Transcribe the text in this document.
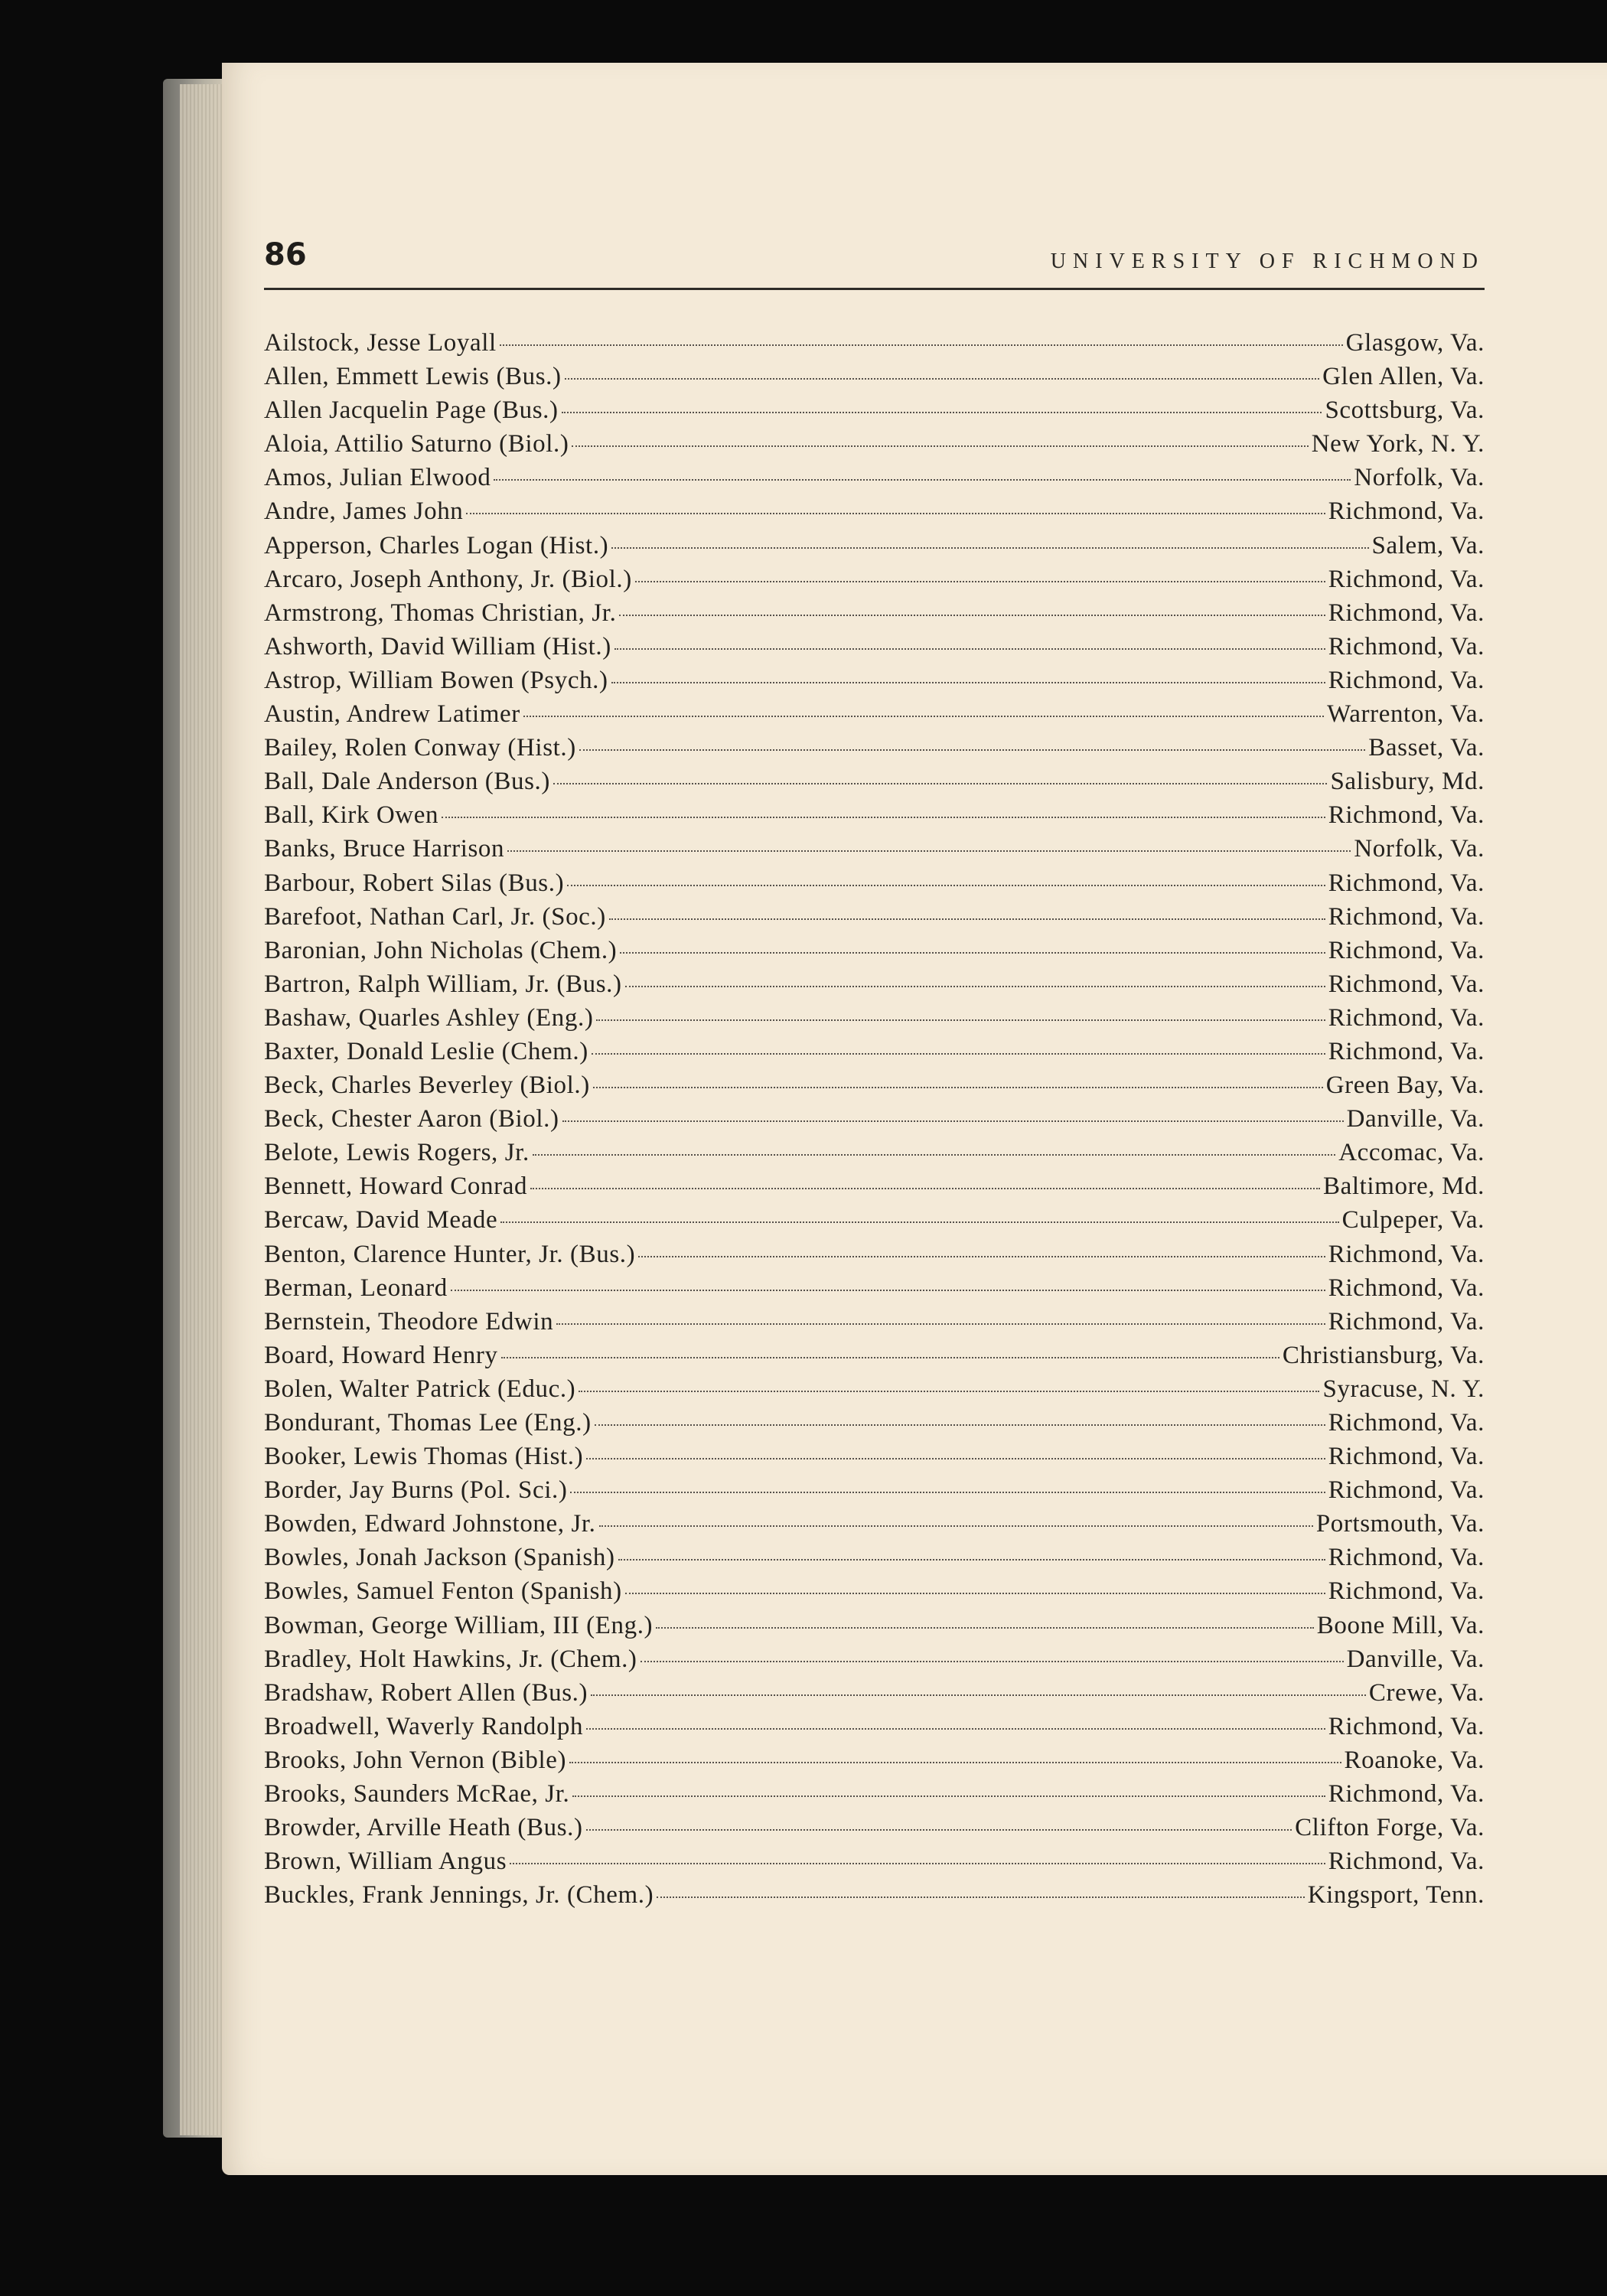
86	UNIVERSITY OF RICHMOND
Ailstock, Jesse Loyall	Glasgow, Va.
Allen, Emmett Lewis (Bus.)	Glen Allen, Va.
Allen Jacquelin Page (Bus.)	Scottsburg, Va.
Aloia, Attilio Saturno (Biol.)	New York, N. Y.
Amos, Julian Elwood	Norfolk, Va.
Andre, James John	Richmond, Va.
Apperson, Charles Logan (Hist.)	Salem, Va.
Arcaro, Joseph Anthony, Jr. (Biol.)	Richmond, Va.
Armstrong, Thomas Christian, Jr.	Richmond, Va.
Ashworth, David William (Hist.)	Richmond, Va.
Astrop, William Bowen (Psych.)	Richmond, Va.
Austin, Andrew Latimer	Warrenton, Va.
Bailey, Rolen Conway (Hist.)	Basset, Va.
Ball, Dale Anderson (Bus.)	Salisbury, Md.
Ball, Kirk Owen	Richmond, Va.
Banks, Bruce Harrison	Norfolk, Va.
Barbour, Robert Silas (Bus.)	Richmond, Va.
Barefoot, Nathan Carl, Jr. (Soc.)	Richmond, Va.
Baronian, John Nicholas (Chem.)	Richmond, Va.
Bartron, Ralph William, Jr. (Bus.)	Richmond, Va.
Bashaw, Quarles Ashley (Eng.)	Richmond, Va.
Baxter, Donald Leslie (Chem.)	Richmond, Va.
Beck, Charles Beverley (Biol.)	Green Bay, Va.
Beck, Chester Aaron (Biol.)	Danville, Va.
Belote, Lewis Rogers, Jr.	Accomac, Va.
Bennett, Howard Conrad	Baltimore, Md.
Bercaw, David Meade	Culpeper, Va.
Benton, Clarence Hunter, Jr. (Bus.)	Richmond, Va.
Berman, Leonard	Richmond, Va.
Bernstein, Theodore Edwin	Richmond, Va.
Board, Howard Henry	Christiansburg, Va.
Bolen, Walter Patrick (Educ.)	Syracuse, N. Y.
Bondurant, Thomas Lee (Eng.)	Richmond, Va.
Booker, Lewis Thomas (Hist.)	Richmond, Va.
Border, Jay Burns (Pol. Sci.)	Richmond, Va.
Bowden, Edward Johnstone, Jr.	Portsmouth, Va.
Bowles, Jonah Jackson (Spanish)	Richmond, Va.
Bowles, Samuel Fenton (Spanish)	Richmond, Va.
Bowman, George William, III (Eng.)	Boone Mill, Va.
Bradley, Holt Hawkins, Jr. (Chem.)	Danville, Va.
Bradshaw, Robert Allen (Bus.)	Crewe, Va.
Broadwell, Waverly Randolph	Richmond, Va.
Brooks, John Vernon (Bible)	Roanoke, Va.
Brooks, Saunders McRae, Jr.	Richmond, Va.
Browder, Arville Heath (Bus.)	Clifton Forge, Va.
Brown, William Angus	Richmond, Va.
Buckles, Frank Jennings, Jr. (Chem.)	Kingsport, Tenn.
